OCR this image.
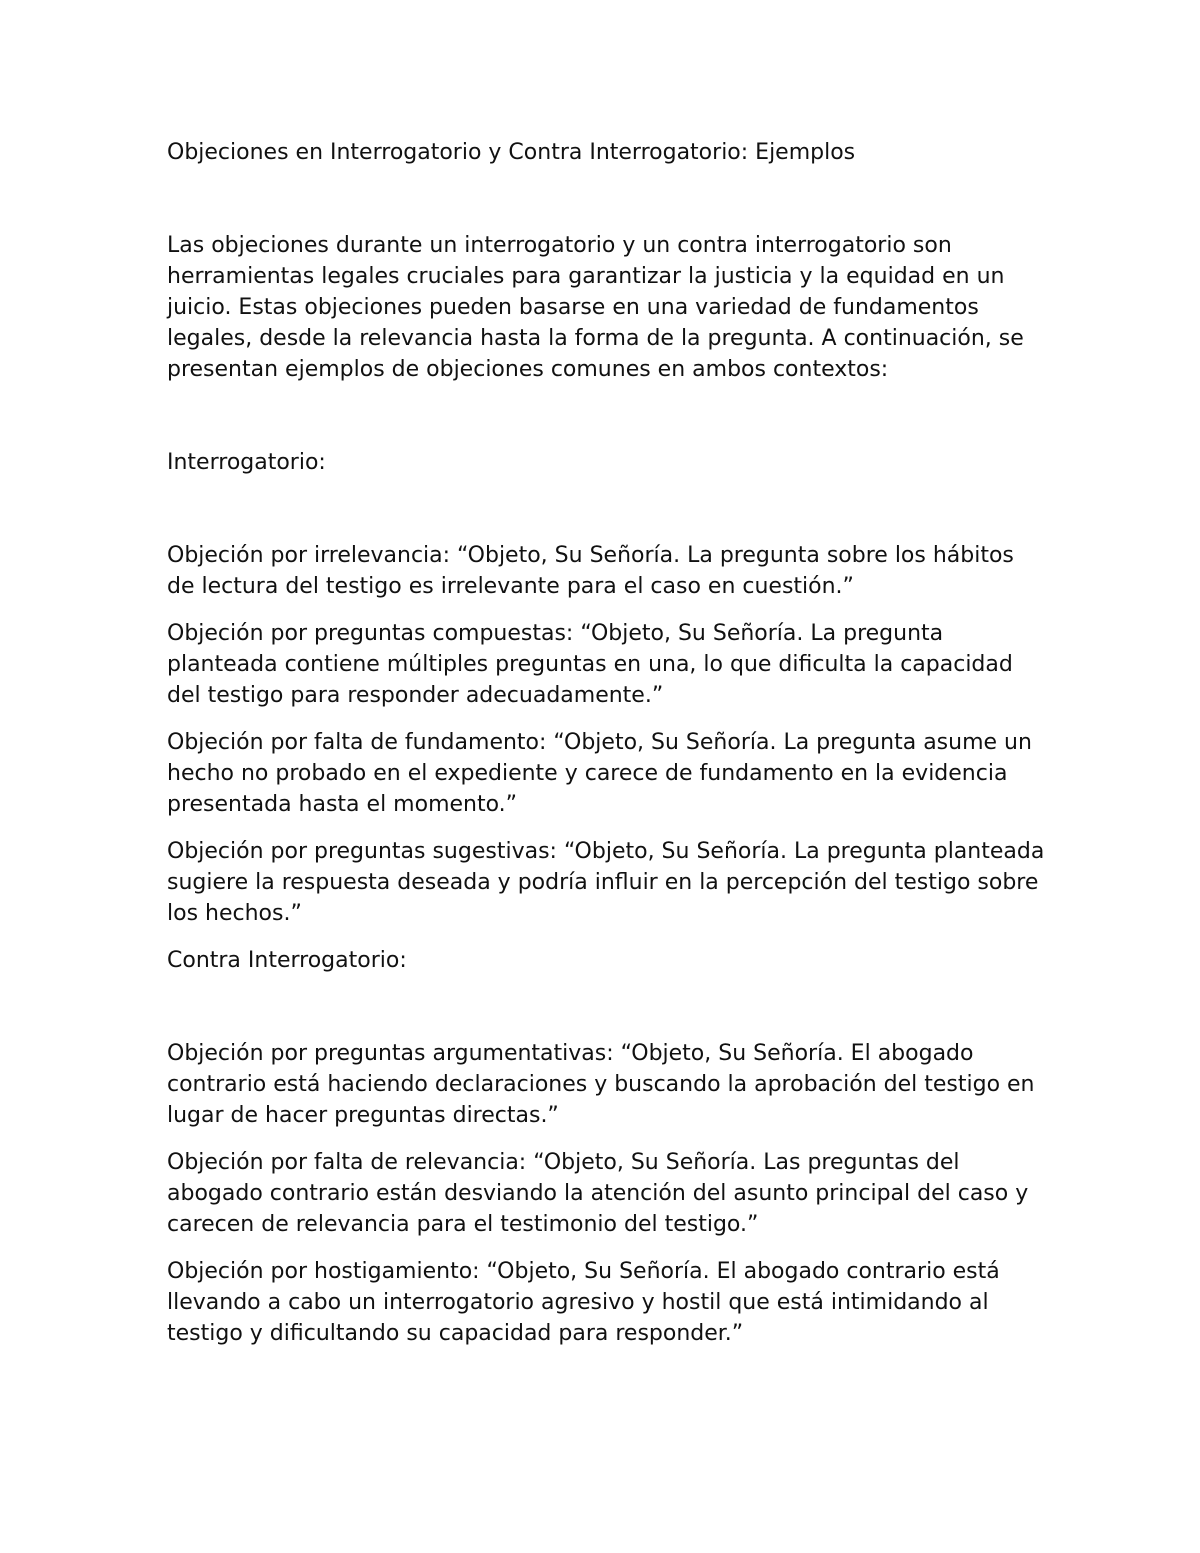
Objeciones en Interrogatorio y Contra Interrogatorio: Ejemplos

Las objeciones durante un interrogatorio y un contra interrogatorio son herramientas legales cruciales para garantizar la justicia y la equidad en un juicio. Estas objeciones pueden basarse en una variedad de fundamentos legales, desde la relevancia hasta la forma de la pregunta. A continuación, se presentan ejemplos de objeciones comunes en ambos contextos:

Interrogatorio:

Objeción por irrelevancia: “Objeto, Su Señoría. La pregunta sobre los hábitos de lectura del testigo es irrelevante para el caso en cuestión.”

Objeción por preguntas compuestas: “Objeto, Su Señoría. La pregunta planteada contiene múltiples preguntas en una, lo que dificulta la capacidad del testigo para responder adecuadamente.”

Objeción por falta de fundamento: “Objeto, Su Señoría. La pregunta asume un hecho no probado en el expediente y carece de fundamento en la evidencia presentada hasta el momento.”

Objeción por preguntas sugestivas: “Objeto, Su Señoría. La pregunta planteada sugiere la respuesta deseada y podría influir en la percepción del testigo sobre los hechos.”

Contra Interrogatorio:

Objeción por preguntas argumentativas: “Objeto, Su Señoría. El abogado contrario está haciendo declaraciones y buscando la aprobación del testigo en lugar de hacer preguntas directas.”

Objeción por falta de relevancia: “Objeto, Su Señoría. Las preguntas del abogado contrario están desviando la atención del asunto principal del caso y carecen de relevancia para el testimonio del testigo.”

Objeción por hostigamiento: “Objeto, Su Señoría. El abogado contrario está llevando a cabo un interrogatorio agresivo y hostil que está intimidando al testigo y dificultando su capacidad para responder.”
